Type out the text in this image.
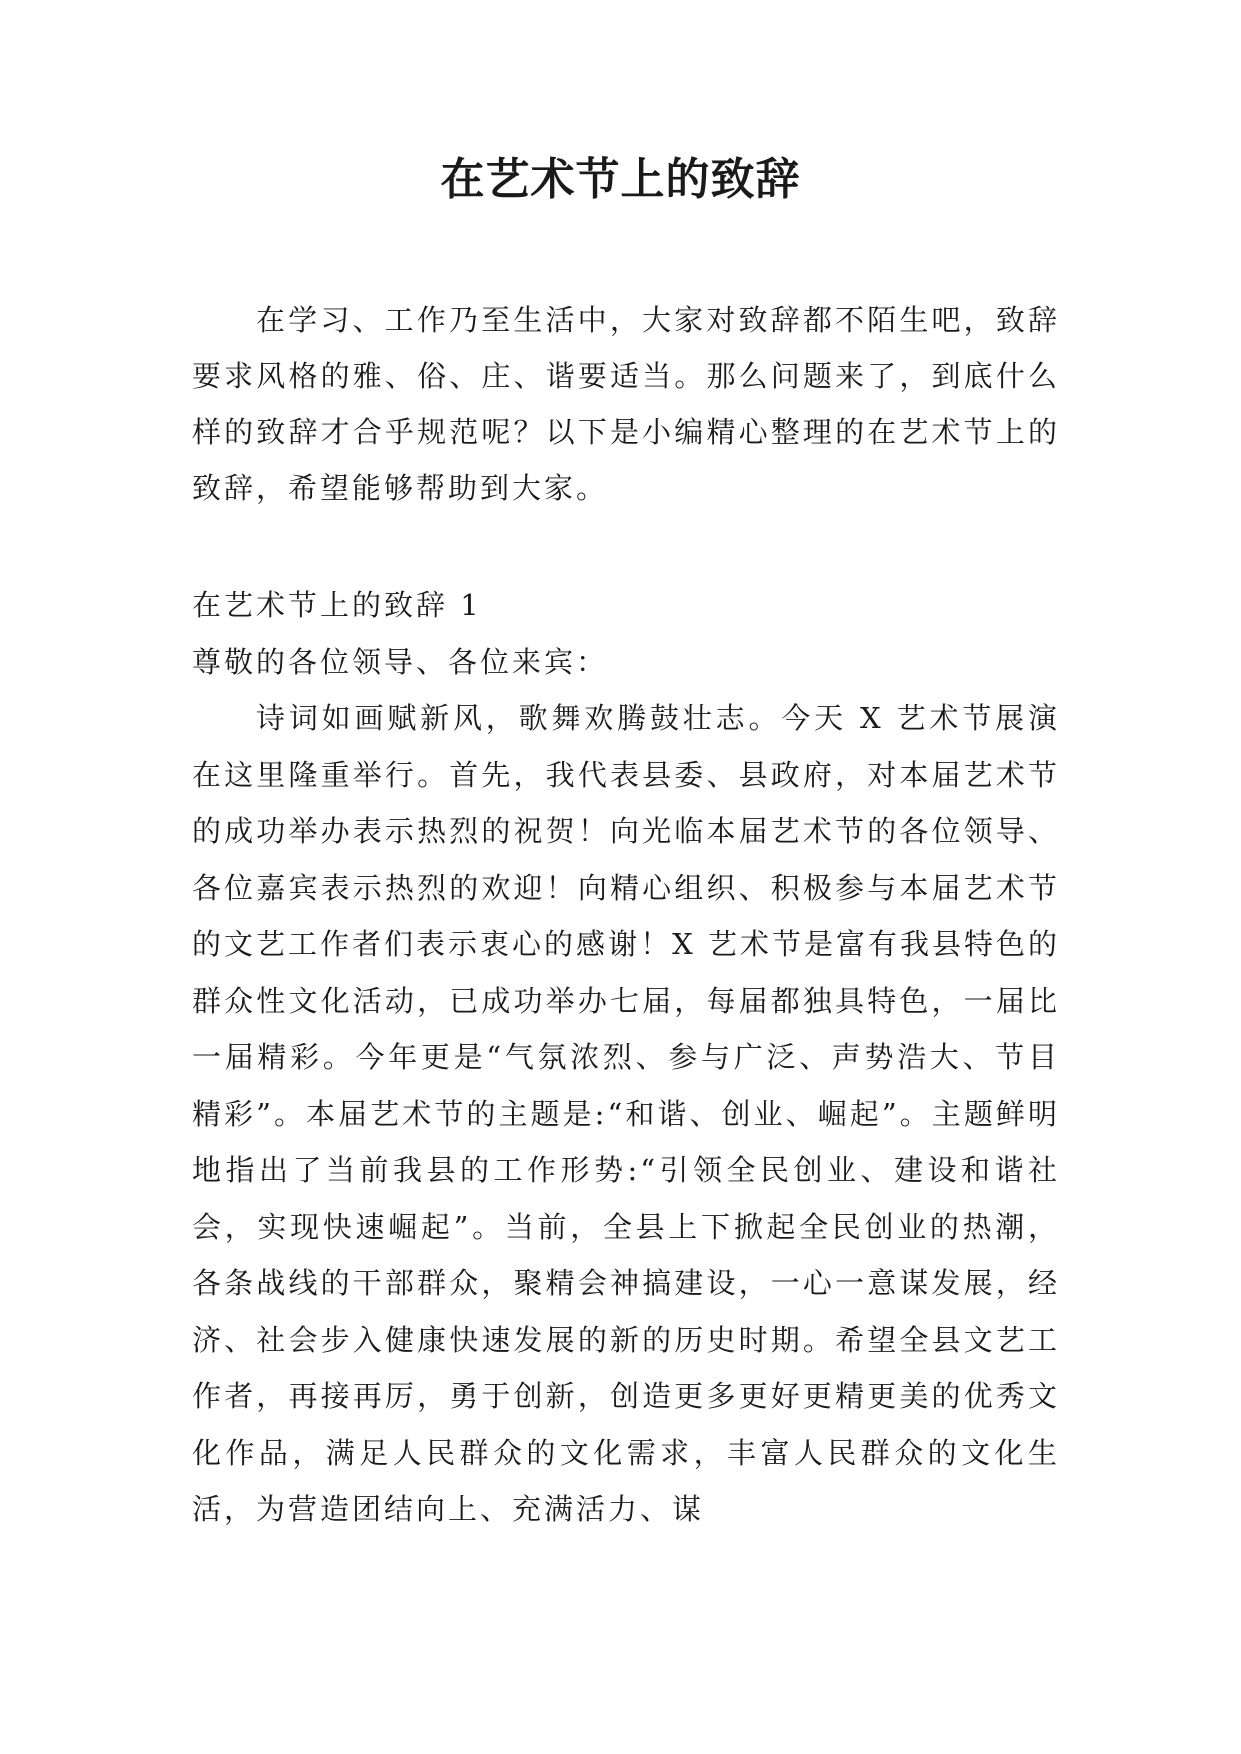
在艺术节上的致辞

在学习、工作乃至生活中，大家对致辞都不陌生吧，致辞要求风格的雅、俗、庄、谐要适当。那么问题来了，到底什么样的致辞才合乎规范呢？以下是小编精心整理的在艺术节上的致辞，希望能够帮助到大家。

在艺术节上的致辞 1

尊敬的各位领导、各位来宾：

诗词如画赋新风，歌舞欢腾鼓壮志。今天 X 艺术节展演在这里隆重举行。首先，我代表县委、县政府，对本届艺术节的成功举办表示热烈的祝贺！向光临本届艺术节的各位领导、各位嘉宾表示热烈的欢迎！向精心组织、积极参与本届艺术节的文艺工作者们表示衷心的感谢！X 艺术节是富有我县特色的群众性文化活动，已成功举办七届，每届都独具特色，一届比一届精彩。今年更是“气氛浓烈、参与广泛、声势浩大、节目精彩”。本届艺术节的主题是:“和谐、创业、崛起”。主题鲜明地指出了当前我县的工作形势:“引领全民创业、建设和谐社会，实现快速崛起”。当前，全县上下掀起全民创业的热潮，各条战线的干部群众，聚精会神搞建设，一心一意谋发展，经济、社会步入健康快速发展的新的历史时期。希望全县文艺工作者，再接再厉，勇于创新，创造更多更好更精更美的优秀文化作品，满足人民群众的文化需求，丰富人民群众的文化生活，为营造团结向上、充满活力、谋
